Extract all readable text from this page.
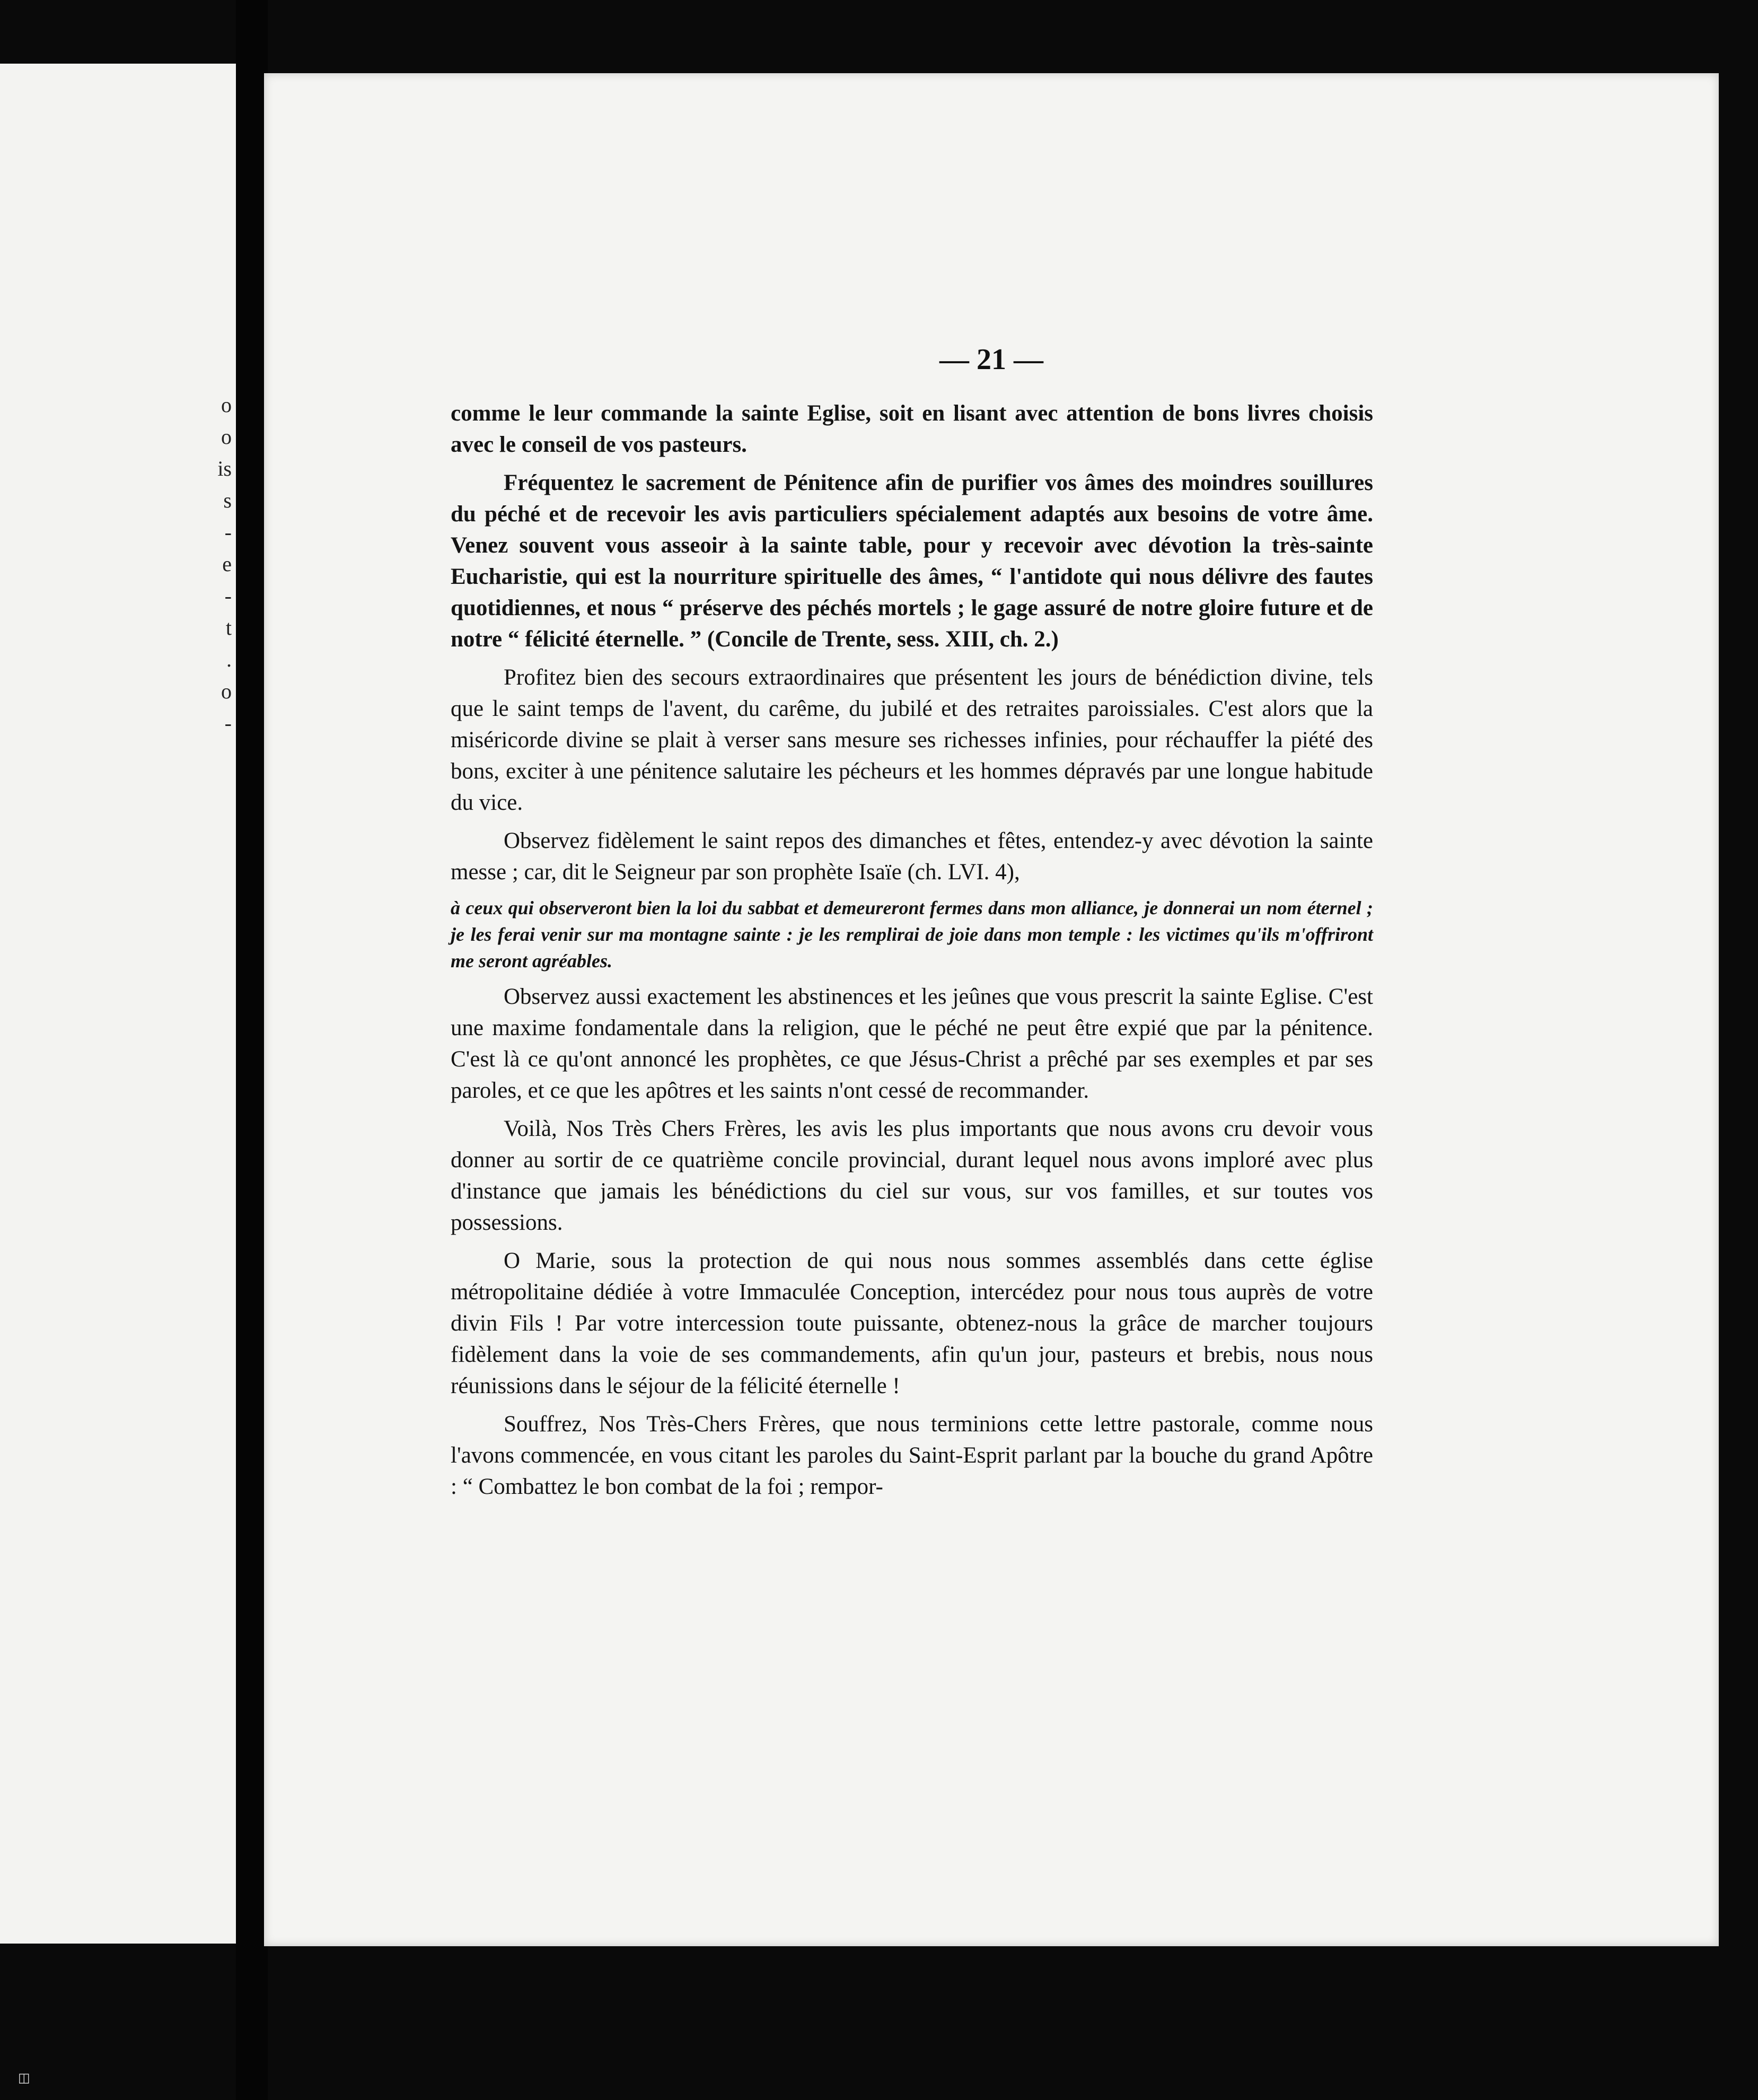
o
o
is
s
-
e
-
t
.
o
-
— 21 —

comme le leur commande la sainte Eglise, soit en lisant avec attention de bons livres choisis avec le conseil de vos pasteurs.

Fréquentez le sacrement de Pénitence afin de purifier vos âmes des moindres souillures du péché et de recevoir les avis particuliers spécialement adaptés aux besoins de votre âme. Venez souvent vous asseoir à la sainte table, pour y recevoir avec dévotion la très-sainte Eucharistie, qui est la nourriture spirituelle des âmes, “ l'antidote qui nous délivre des fautes quotidiennes, et nous “ préserve des péchés mortels ; le gage assuré de notre gloire future et de notre “ félicité éternelle. ” (Concile de Trente, sess. XIII, ch. 2.)

Profitez bien des secours extraordinaires que présentent les jours de bénédiction divine, tels que le saint temps de l'avent, du carême, du jubilé et des retraites paroissiales. C'est alors que la miséricorde divine se plait à verser sans mesure ses richesses infinies, pour réchauffer la piété des bons, exciter à une pénitence salutaire les pécheurs et les hommes dépravés par une longue habitude du vice.

Observez fidèlement le saint repos des dimanches et fêtes, entendez-y avec dévotion la sainte messe ; car, dit le Seigneur par son prophète Isaïe (ch. LVI. 4),

à ceux qui observeront bien la loi du sabbat et demeureront fermes dans mon alliance, je donnerai un nom éternel ; je les ferai venir sur ma montagne sainte : je les remplirai de joie dans mon temple : les victimes qu'ils m'offriront me seront agréables.

Observez aussi exactement les abstinences et les jeûnes que vous prescrit la sainte Eglise. C'est une maxime fondamentale dans la religion, que le péché ne peut être expié que par la pénitence. C'est là ce qu'ont annoncé les prophètes, ce que Jésus-Christ a prêché par ses exemples et par ses paroles, et ce que les apôtres et les saints n'ont cessé de recommander.

Voilà, Nos Très Chers Frères, les avis les plus importants que nous avons cru devoir vous donner au sortir de ce quatrième concile provincial, durant lequel nous avons imploré avec plus d'instance que jamais les bénédictions du ciel sur vous, sur vos familles, et sur toutes vos possessions.

O Marie, sous la protection de qui nous nous sommes assemblés dans cette église métropolitaine dédiée à votre Immaculée Conception, intercédez pour nous tous auprès de votre divin Fils ! Par votre intercession toute puissante, obtenez-nous la grâce de marcher toujours fidèlement dans la voie de ses commandements, afin qu'un jour, pasteurs et brebis, nous nous réunissions dans le séjour de la félicité éternelle !

Souffrez, Nos Très-Chers Frères, que nous terminions cette lettre pastorale, comme nous l'avons commencée, en vous citant les paroles du Saint-Esprit parlant par la bouche du grand Apôtre : “ Combattez le bon combat de la foi ; rempor-

◫
